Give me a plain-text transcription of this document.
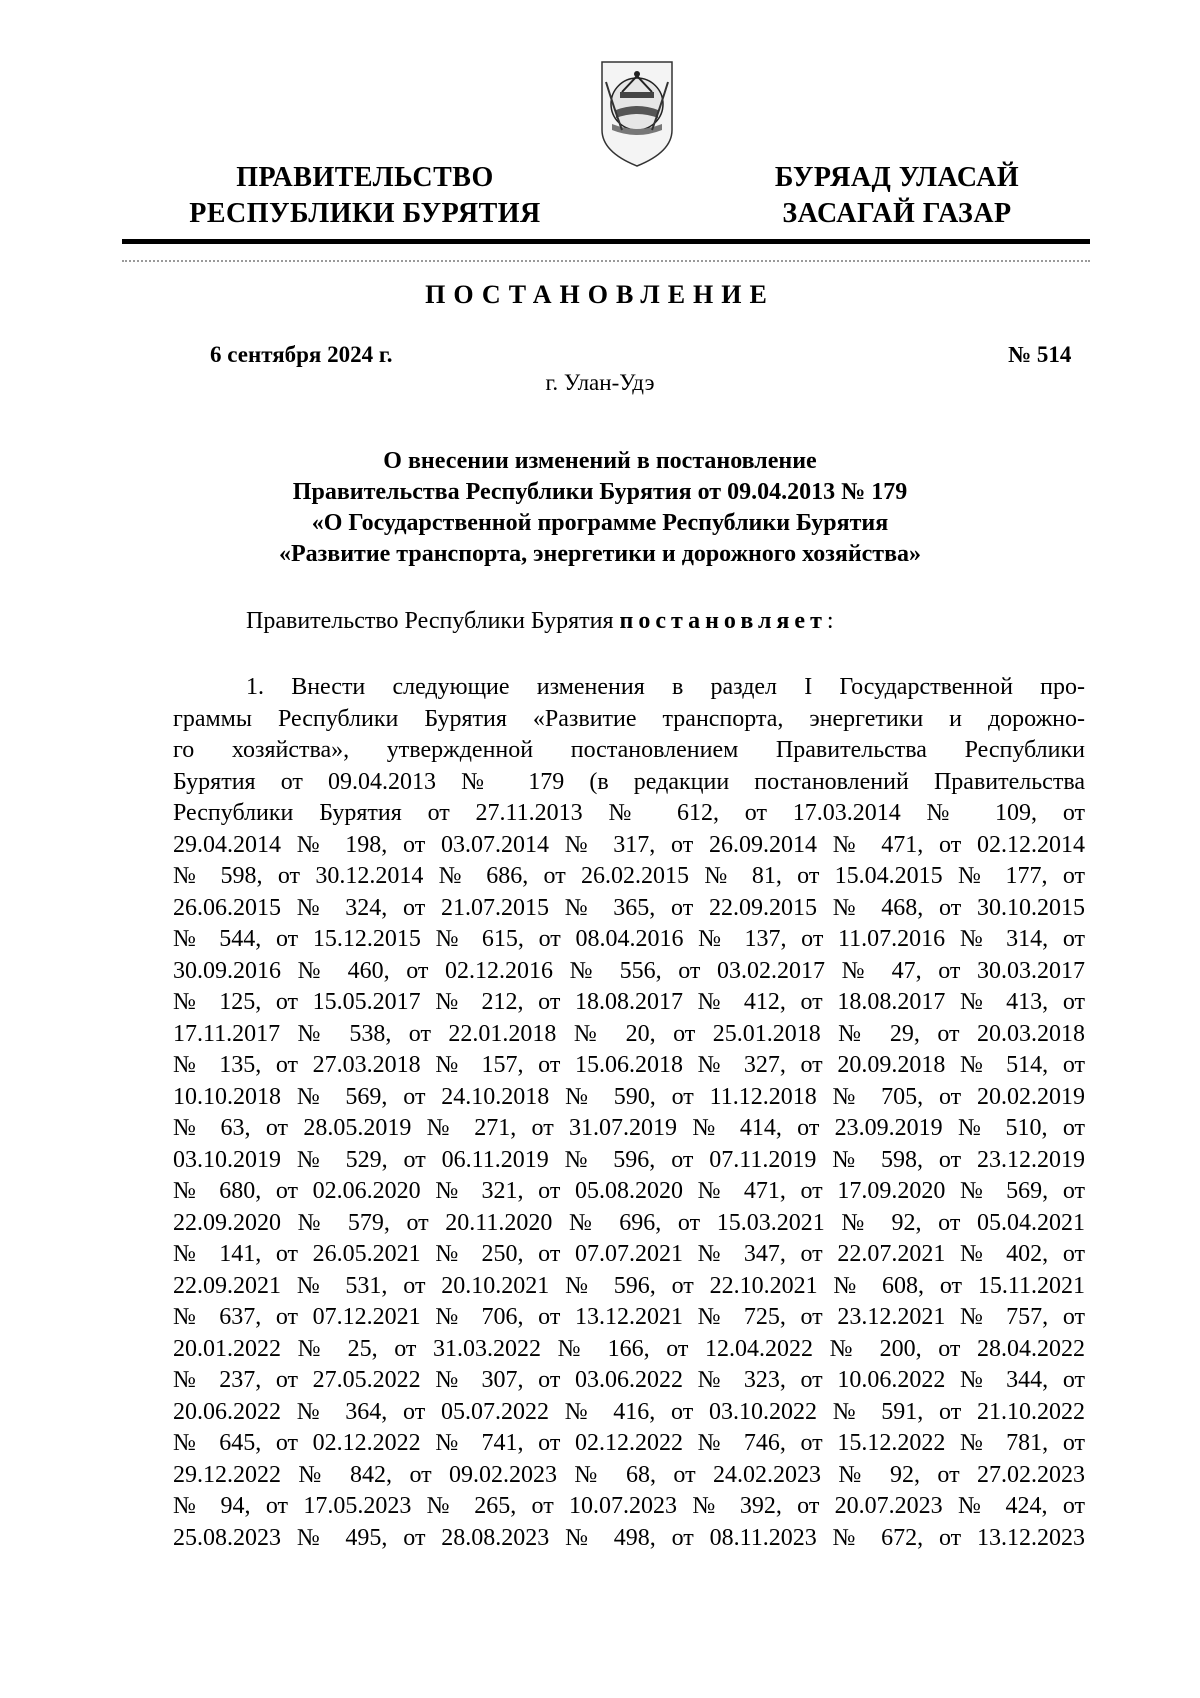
ПРАВИТЕЛЬСТВО
РЕСПУБЛИКИ БУРЯТИЯ
БУРЯАД УЛАСАЙ
ЗАСАГАЙ ГАЗАР
ПОСТАНОВЛЕНИЕ
6 сентября 2024 г.	№ 514
г. Улан-Удэ
О внесении изменений в постановление
Правительства Республики Бурятия от 09.04.2013 № 179
«О Государственной программе Республики Бурятия
«Развитие транспорта, энергетики и дорожного хозяйства»
Правительство Республики Бурятия постановляет:
1. Внести следующие изменения в раздел I Государственной про-
граммы Республики Бурятия «Развитие транспорта, энергетики и дорожно-
го хозяйства», утвержденной постановлением Правительства Республики
Бурятия от 09.04.2013 № 179 (в редакции постановлений Правительства
Республики Бурятия от 27.11.2013 № 612, от 17.03.2014 № 109, от
29.04.2014 № 198, от 03.07.2014 № 317, от 26.09.2014 № 471, от 02.12.2014
№ 598, от 30.12.2014 № 686, от 26.02.2015 № 81, от 15.04.2015 № 177, от
26.06.2015 № 324, от 21.07.2015 № 365, от 22.09.2015 № 468, от 30.10.2015
№ 544, от 15.12.2015 № 615, от 08.04.2016 № 137, от 11.07.2016 № 314, от
30.09.2016 № 460, от 02.12.2016 № 556, от 03.02.2017 № 47, от 30.03.2017
№ 125, от 15.05.2017 № 212, от 18.08.2017 № 412, от 18.08.2017 № 413, от
17.11.2017 № 538, от 22.01.2018 № 20, от 25.01.2018 № 29, от 20.03.2018
№ 135, от 27.03.2018 № 157, от 15.06.2018 № 327, от 20.09.2018 № 514, от
10.10.2018 № 569, от 24.10.2018 № 590, от 11.12.2018 № 705, от 20.02.2019
№ 63, от 28.05.2019 № 271, от 31.07.2019 № 414, от 23.09.2019 № 510, от
03.10.2019 № 529, от 06.11.2019 № 596, от 07.11.2019 № 598, от 23.12.2019
№ 680, от 02.06.2020 № 321, от 05.08.2020 № 471, от 17.09.2020 № 569, от
22.09.2020 № 579, от 20.11.2020 № 696, от 15.03.2021 № 92, от 05.04.2021
№ 141, от 26.05.2021 № 250, от 07.07.2021 № 347, от 22.07.2021 № 402, от
22.09.2021 № 531, от 20.10.2021 № 596, от 22.10.2021 № 608, от 15.11.2021
№ 637, от 07.12.2021 № 706, от 13.12.2021 № 725, от 23.12.2021 № 757, от
20.01.2022 № 25, от 31.03.2022 № 166, от 12.04.2022 № 200, от 28.04.2022
№ 237, от 27.05.2022 № 307, от 03.06.2022 № 323, от 10.06.2022 № 344, от
20.06.2022 № 364, от 05.07.2022 № 416, от 03.10.2022 № 591, от 21.10.2022
№ 645, от 02.12.2022 № 741, от 02.12.2022 № 746, от 15.12.2022 № 781, от
29.12.2022 № 842, от 09.02.2023 № 68, от 24.02.2023 № 92, от 27.02.2023
№ 94, от 17.05.2023 № 265, от 10.07.2023 № 392, от 20.07.2023 № 424, от
25.08.2023 № 495, от 28.08.2023 № 498, от 08.11.2023 № 672, от 13.12.2023
